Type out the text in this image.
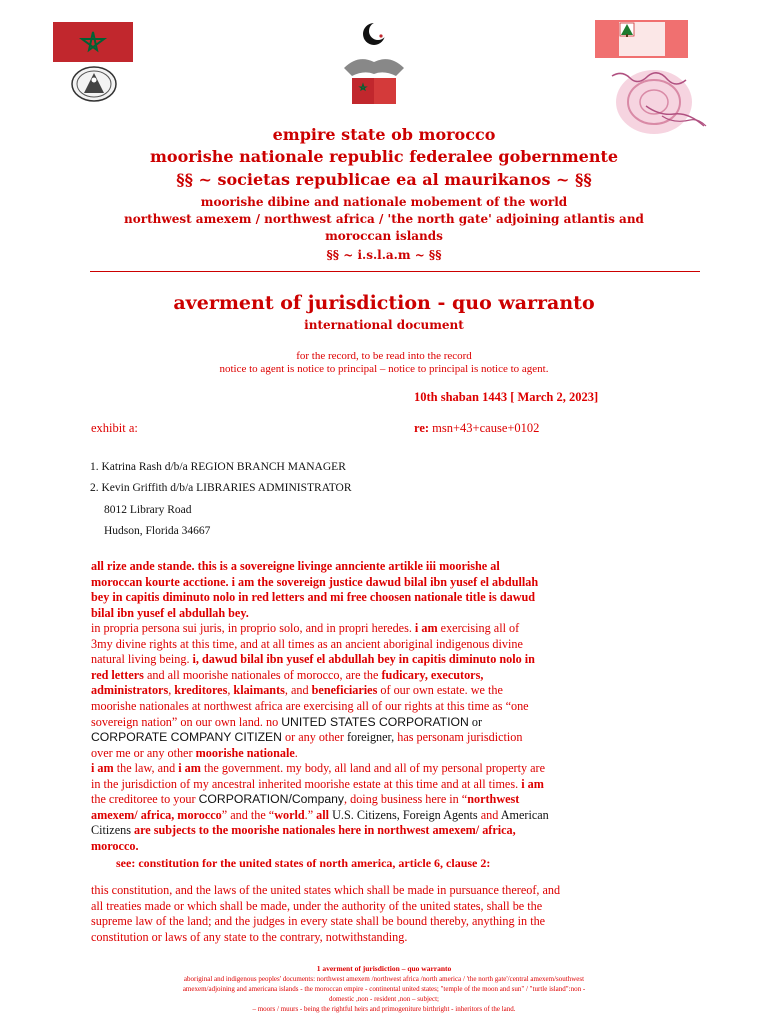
empire state ob morocco
moorishe nationale republic federalee gobernmente
§§ ~ societas republicae ea al maurikanos ~ §§
moorishe dibine and nationale mobement of the world
northwest amexem / northwest africa / 'the north gate' adjoining atlantis and
moroccan islands
§§ ~ i.s.l.a.m ~ §§
averment of jurisdiction - quo warranto
international document
for the record, to be read into the record
notice to agent is notice to principal – notice to principal is notice to agent.
10th shaban 1443 [ March 2, 2023]
exhibit a:	re: msn+43+cause+0102
1. Katrina Rash d/b/a REGION BRANCH MANAGER
2. Kevin Griffith d/b/a LIBRARIES ADMINISTRATOR
8012 Library Road
Hudson, Florida 34667
all rize ande stande. this is a sovereigne livinge annciente artikle iii moorishe al
moroccan kourte acctione. i am the sovereign justice dawud bilal ibn yusef el abdullah
bey in capitis diminuto nolo in red letters and mi free choosen nationale title is dawud
bilal ibn yusef el abdullah bey.
in propria persona sui juris, in proprio solo, and in propri heredes. i am exercising all of
3my divine rights at this time, and at all times as an ancient aboriginal indigenous divine
natural living being. i, dawud bilal ibn yusef el abdullah bey in capitis diminuto nolo in
red letters and all moorishe nationales of morocco, are the fudicary, executors,
administrators, kreditores, klaimants, and beneficiaries of our own estate. we the
moorishe nationales at northwest africa are exercising all of our rights at this time as “one
sovereign nation” on our own land. no UNITED STATES CORPORATION or
CORPORATE COMPANY CITIZEN or any other foreigner, has personam jurisdiction
over me or any other moorishe nationale.
i am the law, and i am the government. my body, all land and all of my personal property are
in the jurisdiction of my ancestral inherited moorishe estate at this time and at all times. i am
the creditoree to your CORPORATION/Company, doing business here in “northwest
amexem/ africa, morocco” and the “world.” all U.S. Citizens, Foreign Agents and American
Citizens are subjects to the moorishe nationales here in northwest amexem/ africa,
morocco.
see: constitution for the united states of north america, article 6, clause 2:
this constitution, and the laws of the united states which shall be made in pursuance thereof, and
all treaties made or which shall be made, under the authority of the united states, shall be the
supreme law of the land; and the judges in every state shall be bound thereby, anything in the
constitution or laws of any state to the contrary, notwithstanding.
1 averment of jurisdiction – quo warranto
aboriginal and indigenous peoples' documents: northwest amexem /northwest africa /north america / 'the north gate'/central amexem/southwest
amexem/adjoining and americana islands - the moroccan empire - continental united states; "temple of the moon and sun" / "turtle island":non -
domestic ,non - resident ,non – subject;
– moors / muurs - being the rightful heirs and primogeniture birthright - inheritors of the land.
